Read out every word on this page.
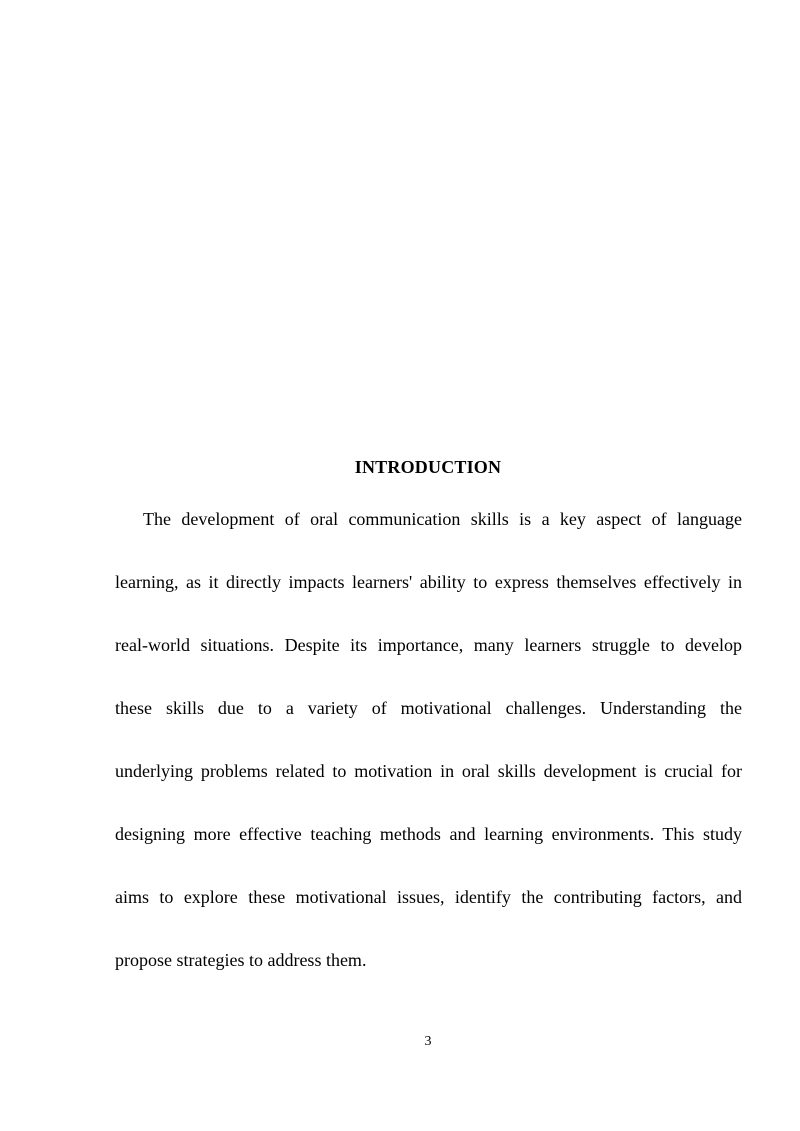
INTRODUCTION
The development of oral communication skills is a key aspect of language
learning, as it directly impacts learners' ability to express themselves effectively in
real-world situations. Despite its importance, many learners struggle to develop
these skills due to a variety of motivational challenges. Understanding the
underlying problems related to motivation in oral skills development is crucial for
designing more effective teaching methods and learning environments. This study
aims to explore these motivational issues, identify the contributing factors, and
propose strategies to address them.
3
